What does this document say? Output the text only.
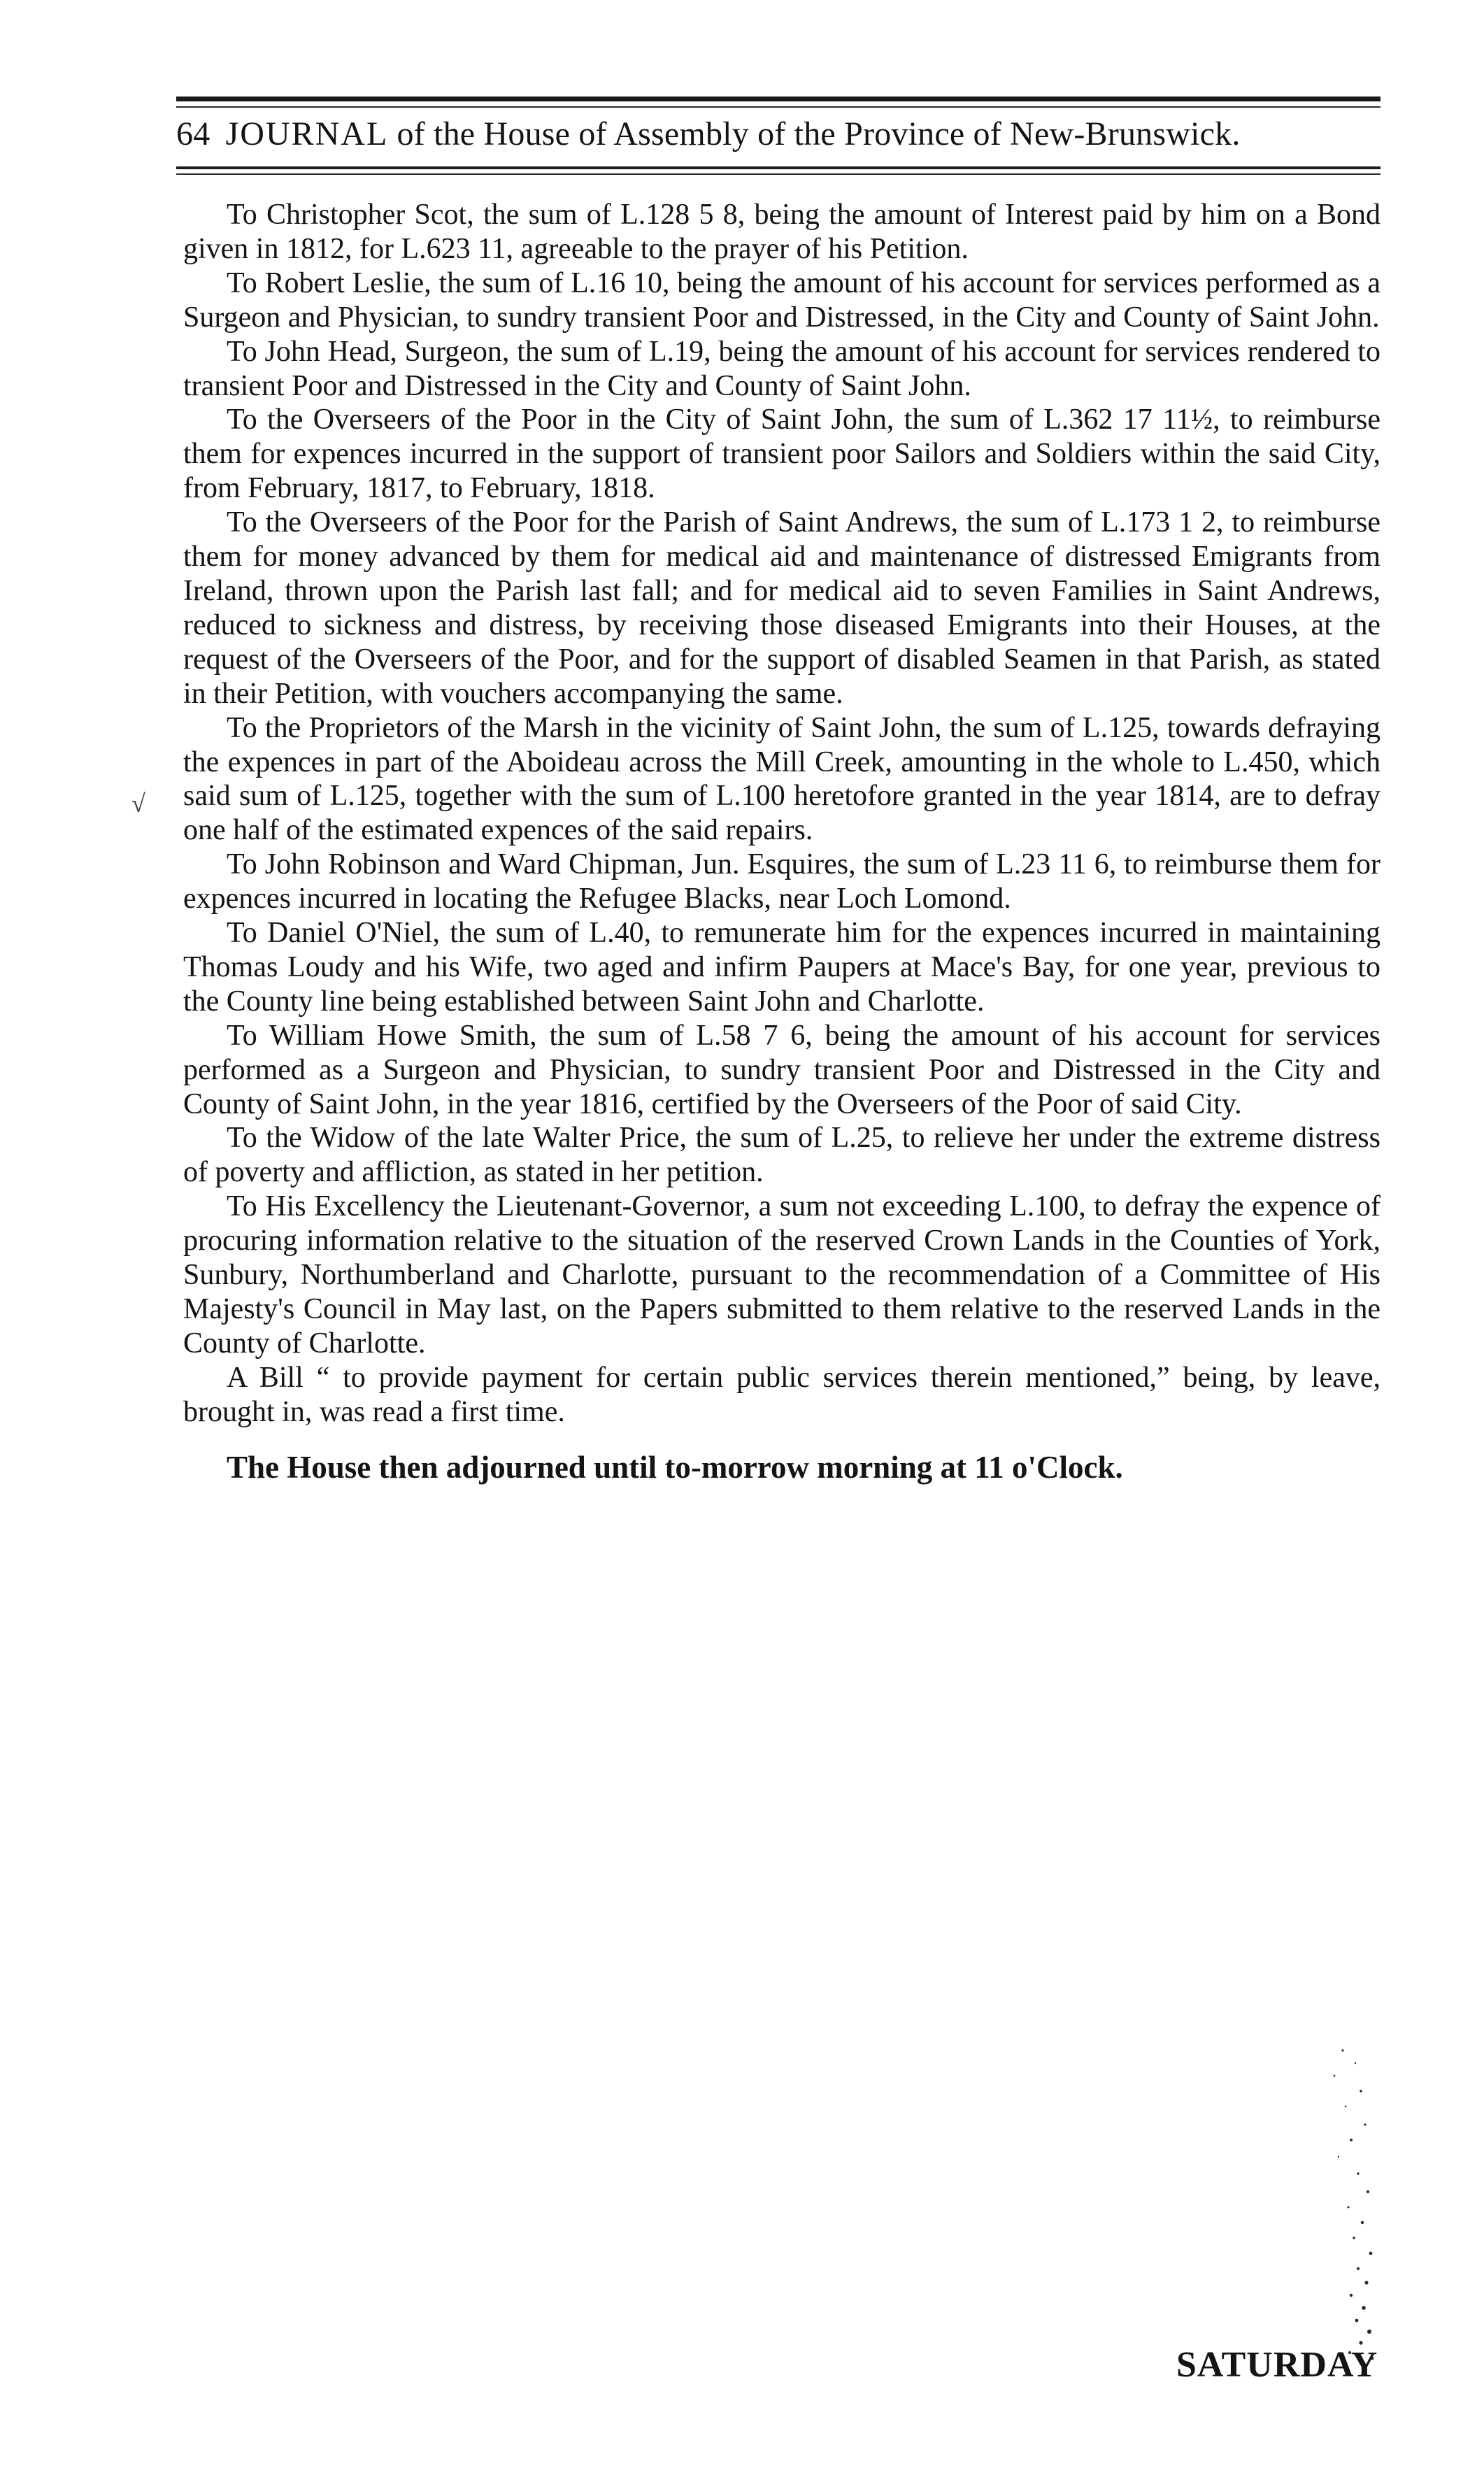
64 JOURNAL of the House of Assembly of the Province of New-Brunswick.
√

To Christopher Scot, the sum of L.128 5 8, being the amount of Interest paid by him on a Bond given in 1812, for L.623 11, agreeable to the prayer of his Petition.

To Robert Leslie, the sum of L.16 10, being the amount of his account for services performed as a Surgeon and Physician, to sundry transient Poor and Distressed, in the City and County of Saint John.

To John Head, Surgeon, the sum of L.19, being the amount of his account for services rendered to transient Poor and Distressed in the City and County of Saint John.

To the Overseers of the Poor in the City of Saint John, the sum of L.362 17 11½, to reimburse them for expences incurred in the support of transient poor Sailors and Soldiers within the said City, from February, 1817, to February, 1818.

To the Overseers of the Poor for the Parish of Saint Andrews, the sum of L.173 1 2, to reimburse them for money advanced by them for medical aid and maintenance of distressed Emigrants from Ireland, thrown upon the Parish last fall; and for medical aid to seven Families in Saint Andrews, reduced to sickness and distress, by receiving those diseased Emigrants into their Houses, at the request of the Overseers of the Poor, and for the support of disabled Seamen in that Parish, as stated in their Petition, with vouchers accompanying the same.

To the Proprietors of the Marsh in the vicinity of Saint John, the sum of L.125, towards defraying the expences in part of the Aboideau across the Mill Creek, amounting in the whole to L.450, which said sum of L.125, together with the sum of L.100 heretofore granted in the year 1814, are to defray one half of the estimated expences of the said repairs.

To John Robinson and Ward Chipman, Jun. Esquires, the sum of L.23 11 6, to reimburse them for expences incurred in locating the Refugee Blacks, near Loch Lomond.

To Daniel O'Niel, the sum of L.40, to remunerate him for the expences incurred in maintaining Thomas Loudy and his Wife, two aged and infirm Paupers at Mace's Bay, for one year, previous to the County line being established between Saint John and Charlotte.

To William Howe Smith, the sum of L.58 7 6, being the amount of his account for services performed as a Surgeon and Physician, to sundry transient Poor and Distressed in the City and County of Saint John, in the year 1816, certified by the Overseers of the Poor of said City.

To the Widow of the late Walter Price, the sum of L.25, to relieve her under the extreme distress of poverty and affliction, as stated in her petition.

To His Excellency the Lieutenant-Governor, a sum not exceeding L.100, to defray the expence of procuring information relative to the situation of the reserved Crown Lands in the Counties of York, Sunbury, Northumberland and Charlotte, pursuant to the recommendation of a Committee of His Majesty's Council in May last, on the Papers submitted to them relative to the reserved Lands in the County of Charlotte.

A Bill “ to provide payment for certain public services therein mentioned,” being, by leave, brought in, was read a first time.

The House then adjourned until to-morrow morning at 11 o'Clock.

SATURDAY
